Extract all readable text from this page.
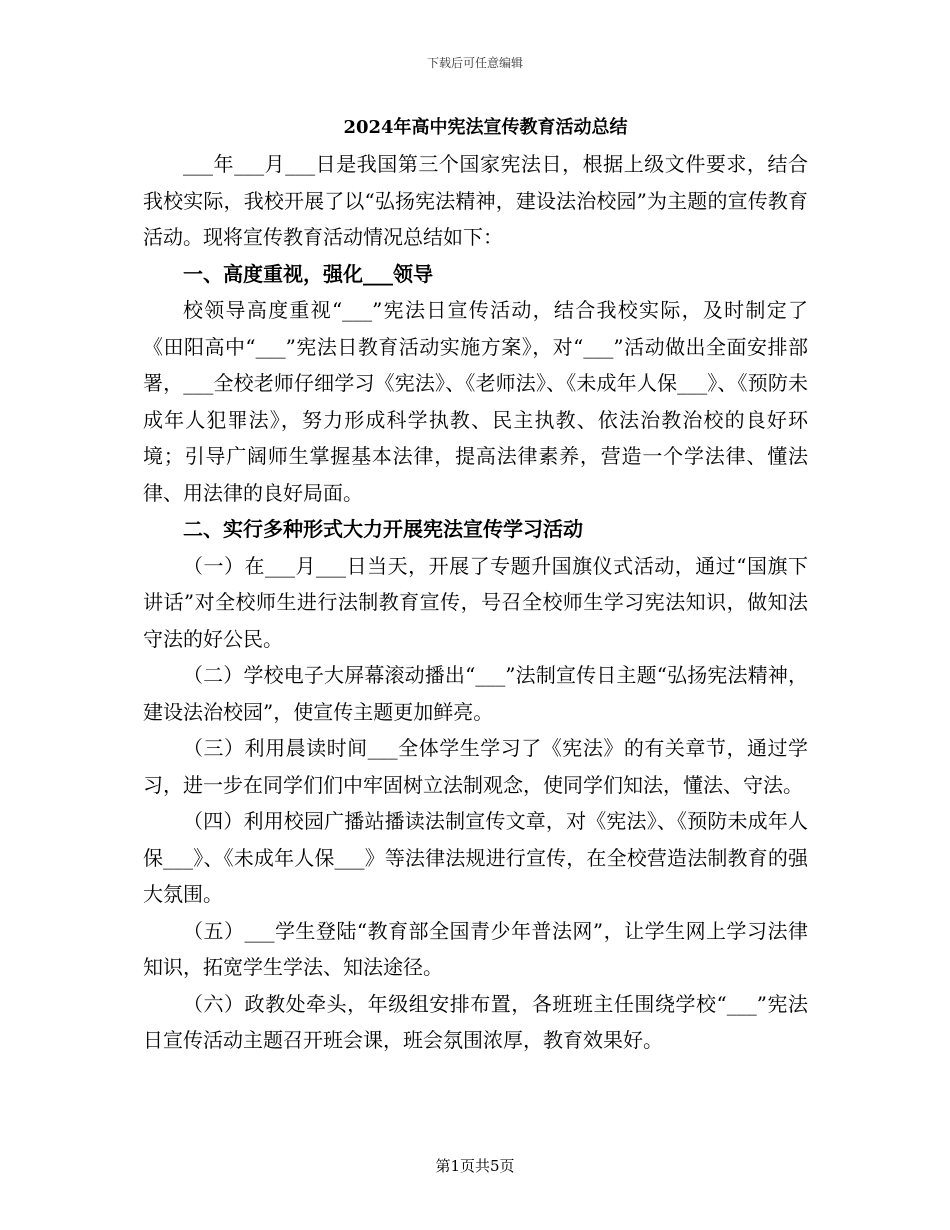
下载后可任意编辑
2024年高中宪法宣传教育活动总结

___年___月___日是我国第三个国家宪法日，根据上级文件要求，结合我校实际，我校开展了以“弘扬宪法精神，建设法治校园”为主题的宣传教育活动。现将宣传教育活动情况总结如下：

一、高度重视，强化___领导

校领导高度重视“___”宪法日宣传活动，结合我校实际，及时制定了《田阳高中“___”宪法日教育活动实施方案》，对“___”活动做出全面安排部署，___全校老师仔细学习《宪法》、《老师法》、《未成年人保___》、《预防未成年人犯罪法》，努力形成科学执教、民主执教、依法治教治校的良好环境；引导广阔师生掌握基本法律，提高法律素养，营造一个学法律、懂法律、用法律的良好局面。

二、实行多种形式大力开展宪法宣传学习活动

（一）在___月___日当天，开展了专题升国旗仪式活动，通过“国旗下讲话”对全校师生进行法制教育宣传，号召全校师生学习宪法知识，做知法守法的好公民。

（二）学校电子大屏幕滚动播出“___”法制宣传日主题“弘扬宪法精神，建设法治校园”，使宣传主题更加鲜亮。

（三）利用晨读时间___全体学生学习了《宪法》的有关章节，通过学习，进一步在同学们们中牢固树立法制观念，使同学们知法，懂法、守法。

（四）利用校园广播站播读法制宣传文章，对《宪法》、《预防未成年人保___》、《未成年人保___》等法律法规进行宣传，在全校营造法制教育的强大氛围。

（五）___学生登陆“教育部全国青少年普法网”，让学生网上学习法律知识，拓宽学生学法、知法途径。

（六）政教处牵头，年级组安排布置，各班班主任围绕学校“___”宪法日宣传活动主题召开班会课，班会氛围浓厚，教育效果好。

第1页共5页
